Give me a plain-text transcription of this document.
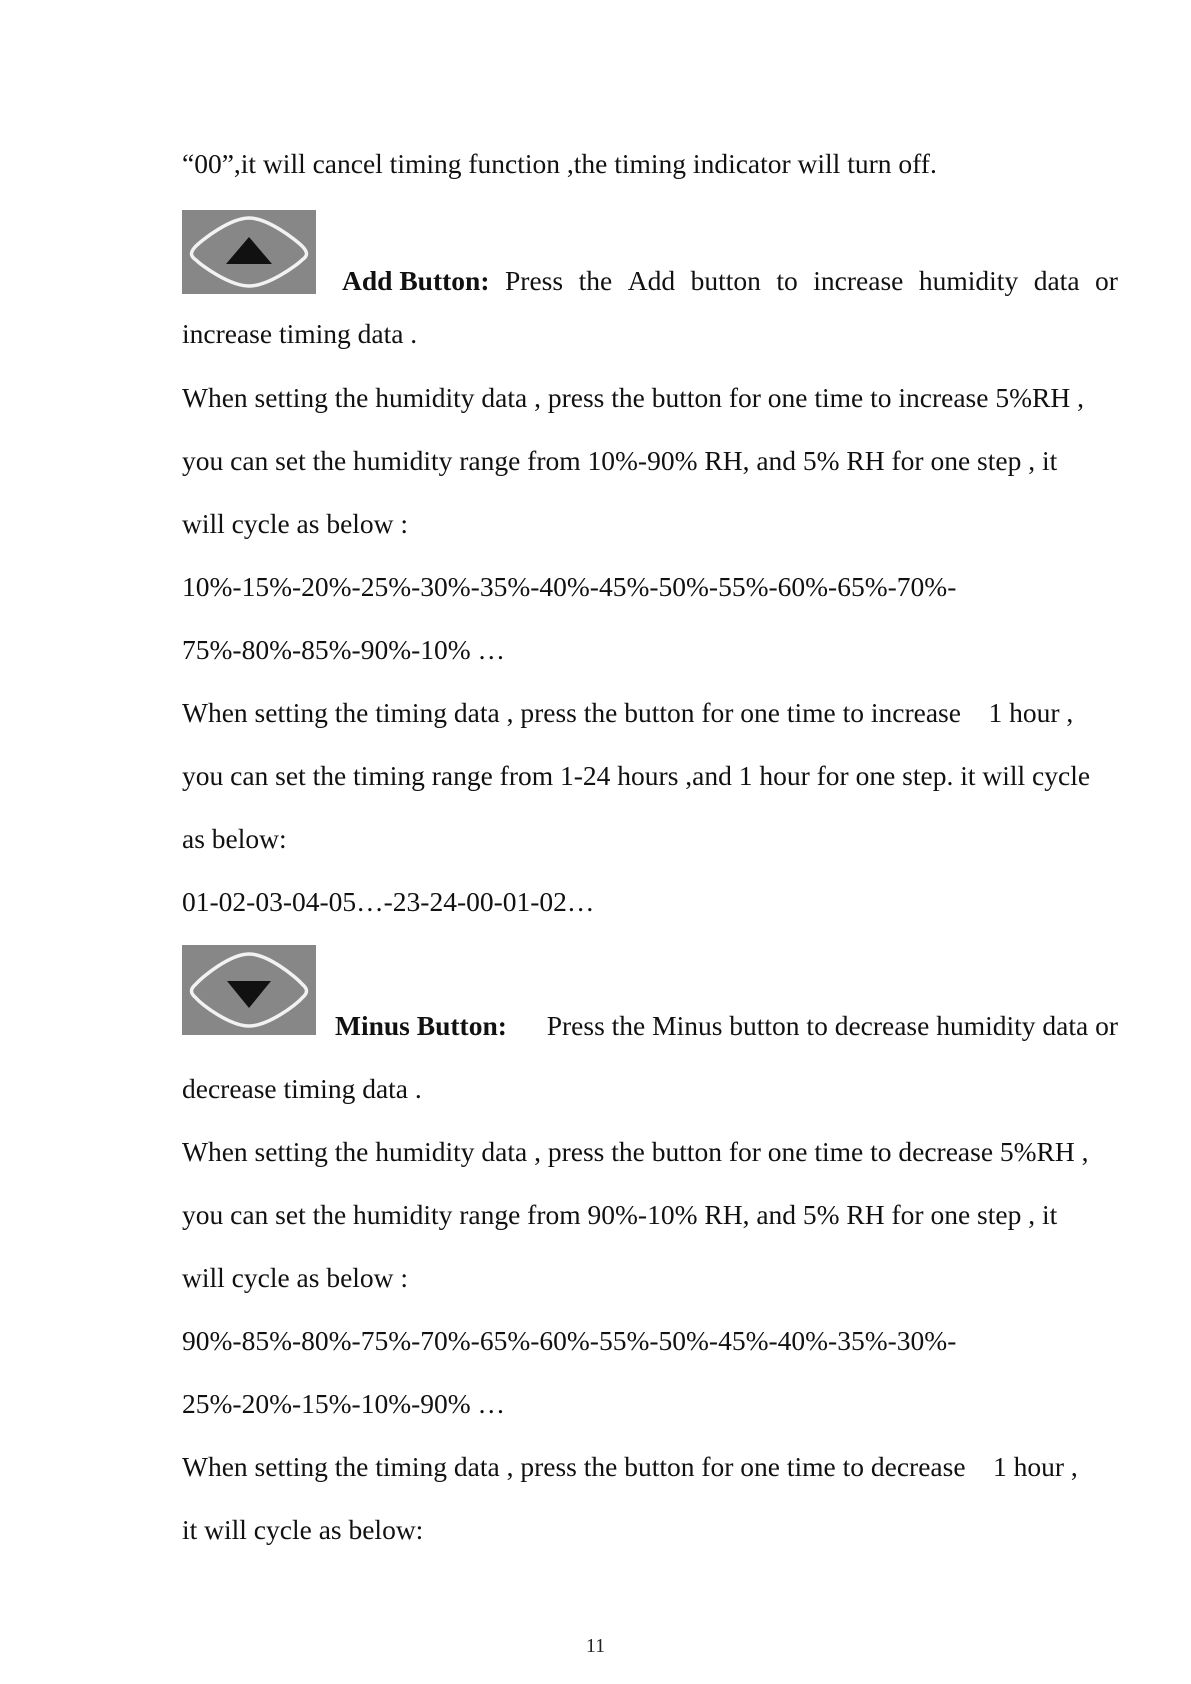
“00”,it will cancel timing function ,the timing indicator will turn off.
Add Button: Press the Add button to increase humidity data or
increase timing data .
When setting the humidity data , press the button for one time to increase 5%RH ,
you can set the humidity range from 10%-90% RH, and 5% RH for one step , it
will cycle as below :
10%-15%-20%-25%-30%-35%-40%-45%-50%-55%-60%-65%-70%-
75%-80%-85%-90%-10% …
When setting the timing data , press the button for one time to increase    1 hour ,
you can set the timing range from 1-24 hours ,and 1 hour for one step. it will cycle
as below:
01-02-03-04-05…-23-24-00-01-02…
Minus Button: Press the Minus button to decrease humidity data or
decrease timing data .
When setting the humidity data , press the button for one time to decrease 5%RH ,
you can set the humidity range from 90%-10% RH, and 5% RH for one step , it
will cycle as below :
90%-85%-80%-75%-70%-65%-60%-55%-50%-45%-40%-35%-30%-
25%-20%-15%-10%-90% …
When setting the timing data , press the button for one time to decrease    1 hour ,
it will cycle as below:
11
